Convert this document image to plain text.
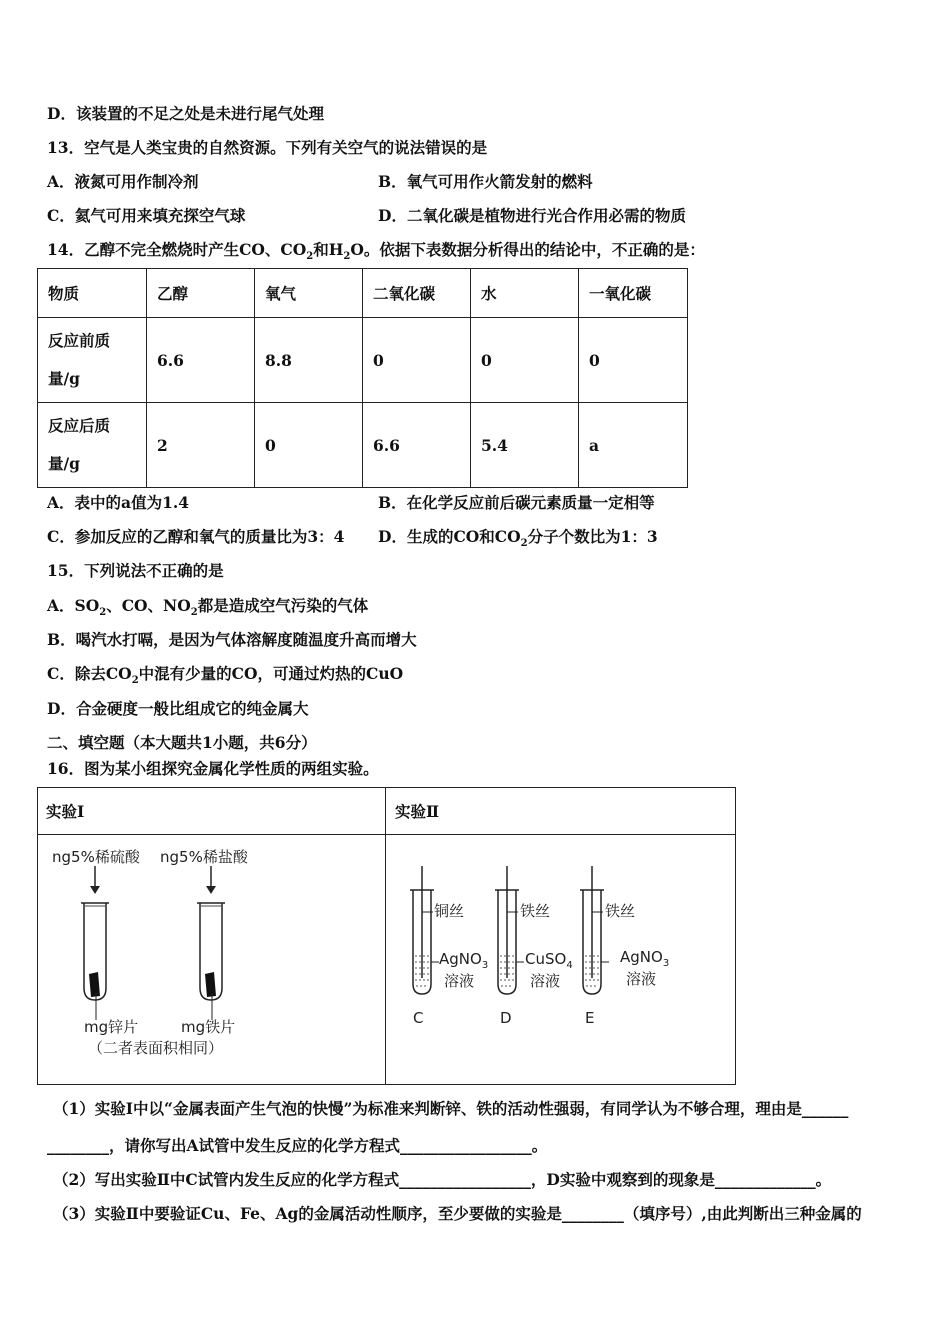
D．该装置的不足之处是未进行尾气处理
13．空气是人类宝贵的自然资源。下列有关空气的说法错误的是
A．液氮可用作制冷剂	B．氧气可用作火箭发射的燃料
C．氦气可用来填充探空气球	D．二氧化碳是植物进行光合作用必需的物质
14．乙醇不完全燃烧时产生CO、$CO_2$和$H_2O$。依据下表数据分析得出的结论中，不正确的是：
物质	乙醇	氧气	二氧化碳	水	一氧化碳
反应前质
量/g	6.6	8.8	0	0	0
反应后质
量/g	2	0	6.6	5.4	a
A．表中的a值为1.4	B．在化学反应前后碳元素质量一定相等
C．参加反应的乙醇和氧气的质量比为3：4 D．生成的CO和$CO_2$分子个数比为1：3
15．下列说法不正确的是
A．$SO_2$、CO、$NO_2$都是造成空气污染的气体
B．喝汽水打嗝，是因为气体溶解度随温度升高而增大
C．除去$CO_2$中混有少量的CO，可通过灼热的CuO
D．合金硬度一般比组成它的纯金属大
二、填空题（本大题共1小题，共6分）
16．图为某小组探究金属化学性质的两组实验。
实验Ⅰ	实验Ⅱ
ng5%稀硫酸 ng5%稀盐酸
mg锌片	mg铁片
（二者表面积相同）
铜丝	铁丝	铁丝
AgNO$_3$
溶液
CuSO$_4$
溶液
AgNO$_3$
溶液
C	D	E
（1）实验Ⅰ中以“金属表面产生气泡的快慢”为标准来判断锌、铁的活动性强弱，有同学认为不够合理，理由是______
________，请你写出A试管中发生反应的化学方程式_________________。
（2）写出实验Ⅱ中C试管内发生反应的化学方程式_________________，D实验中观察到的现象是_____________。
（3）实验Ⅱ中要验证Cu、Fe、Ag的金属活动性顺序，至少要做的实验是________（填序号）,由此判断出三种金属的
